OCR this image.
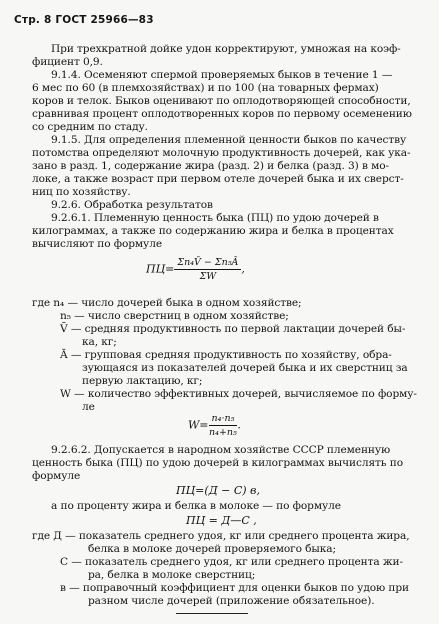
Стр. 8 ГОСТ 25966—83
При трехкратной дойке удон корректируют, умножая на коэф-
фициент 0,9.
9.1.4. Осеменяют спермой проверяемых быков в течение 1 —
6 мес по 60 (в племхозяйствах) и по 100 (на товарных фермах)
коров и телок. Быков оценивают по оплодотворяющей способности,
сравнивая процент оплодотворенных коров по первому осеменению
со средним по стаду.
9.1.5. Для определения племенной ценности быков по качеству
потомства определяют молочную продуктивность дочерей, как ука-
зано в разд. 1, содержание жира (разд. 2) и белка (разд. 3) в мо-
локе, а также возраст при первом отеле дочерей быка и их сверст-
ниц по хозяйству.
9.2.6. Обработка результатов
9.2.6.1. Племенную ценность быка (ПЦ) по удою дочерей в
килограммах, а также по содержанию жира и белка в процентах
вычисляют по формуле
$ПЦ= \frac{\text{Σn₄V̄ − Σn₅Ā}}{\Sigma W}$ ,
где n₄ — число дочерей быка в одном хозяйстве;
n₅ — число сверстниц в одном хозяйстве;
V̄ — средняя продуктивность по первой лактации дочерей бы-
ка, кг;
Ā — групповая средняя продуктивность по хозяйству, обра-
зующаяся из показателей дочерей быка и их сверстниц за
первую лактацию, кг;
W — количество эффективных дочерей, вычисляемое по форму-
ле
$W= \frac{\text{n₄·n₅}}{\text{n₄+n₅}}$ .
9.2.6.2. Допускается в народном хозяйстве СССР племенную
ценность быка (ПЦ) по удою дочерей в килограммах вычислять по
формуле
ПЦ=(Д − С) в,
а по проценту жира и белка в молоке — по формуле
ПЦ = Д—С ,
где Д — показатель среднего удоя, кг или среднего процента жира,
белка в молоке дочерей проверяемого быка;
С — показатель среднего удоя, кг или среднего процента жи-
ра, белка в молоке сверстниц;
в — поправочный коэффициент для оценки быков по удою при
разном числе дочерей (приложение обязательное).
